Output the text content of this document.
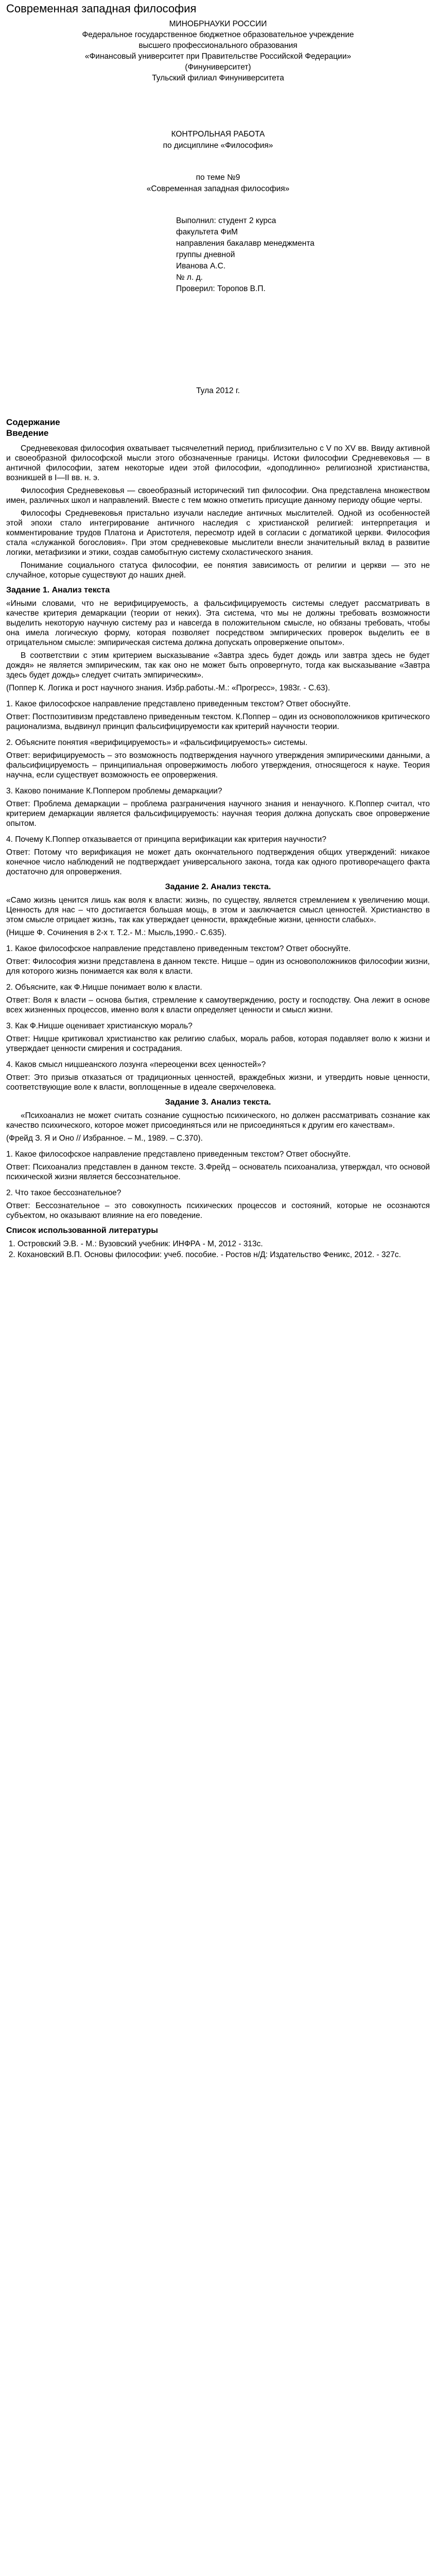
Современная западная философия

МИНОБРНАУКИ РОССИИ

Федеральное государственное бюджетное образовательное учреждение

высшего профессионального образования

«Финансовый университет при Правительстве Российской Федерации»

(Финуниверситет)

Тульский филиал Финуниверситета

КОНТРОЛЬНАЯ РАБОТА

по дисциплине «Философия»

по теме №9

«Современная западная философия»

Выполнил: студент 2 курса

факультета ФиМ

направления бакалавр менеджмента

группы дневной

Иванова А.С.

№ л. д.

Проверил: Торопов В.П.

Тула 2012 г.

Содержание
Введение

Средневековая философия охватывает тысячелетний период, приблизительно с V по XV вв. Ввиду активной и своеобразной философской мысли этого обозначенные границы. Истоки философии Средневековья — в античной философии, затем некоторые идеи этой философии, «доподлинно» религиозной христианства, возникшей в I—II вв. н. э.

Философия Средневековья — своеобразный исторический тип философии. Она представлена множеством имен, различных школ и направлений. Вместе с тем можно отметить присущие данному периоду общие черты.

Философы Средневековья пристально изучали наследие античных мыслителей. Одной из особенностей этой эпохи стало интегрирование античного наследия с христианской религией: интерпретация и комментирование трудов Платона и Аристотеля, пересмотр идей в согласии с догматикой церкви. Философия стала «служанкой богословия». При этом средневековые мыслители внесли значительный вклад в развитие логики, метафизики и этики, создав самобытную систему схоластического знания.

Понимание социального статуса философии, ее понятия зависимость от религии и церкви — это не случайное, которые существуют до наших дней.

Задание 1. Анализ текста

«Иными словами, что не верифицируемость, а фальсифицируемость системы следует рассматривать в качестве критерия демаркации (теории от неких). Эта система, что мы не должны требовать возможности выделить некоторую научную систему раз и навсегда в положительном смысле, но обязаны требовать, чтобы она имела логическую форму, которая позволяет посредством эмпирических проверок выделить ее в отрицательном смысле: эмпирическая система должна допускать опровержение опытом».

В соответствии с этим критерием высказывание «Завтра здесь будет дождь или завтра здесь не будет дождя» не является эмпирическим, так как оно не может быть опровергнуто, тогда как высказывание «Завтра здесь будет дождь» следует считать эмпирическим».

(Поппер К. Логика и рост научного знания. Избр.работы.-М.: «Прогресс», 1983г. - С.63).

1. Какое философское направление представлено приведенным текстом? Ответ обоснуйте.

Ответ: Постпозитивизм представлено приведенным текстом. К.Поппер – один из основоположников критического рационализма, выдвинул принцип фальсифицируемости как критерий научности теории.

2. Объясните понятия «верифицируемость» и «фальсифицируемость» системы.

Ответ: верифицируемость – это возможность подтверждения научного утверждения эмпирическими данными, а фальсифицируемость – принципиальная опровержимость любого утверждения, относящегося к науке. Теория научна, если существует возможность ее опровержения.

3. Каково понимание К.Поппером проблемы демаркации?

Ответ: Проблема демаркации – проблема разграничения научного знания и ненаучного. К.Поппер считал, что критерием демаркации является фальсифицируемость: научная теория должна допускать свое опровержение опытом.

4. Почему К.Поппер отказывается от принципа верификации как критерия научности?

Ответ: Потому что верификация не может дать окончательного подтверждения общих утверждений: никакое конечное число наблюдений не подтверждает универсального закона, тогда как одного противоречащего факта достаточно для опровержения.

Задание 2. Анализ текста.

«Само жизнь ценится лишь как воля к власти: жизнь, по существу, является стремлением к увеличению мощи. Ценность для нас – что достигается большая мощь, в этом и заключается смысл ценностей. Христианство в этом смысле отрицает жизнь, так как утверждает ценности, враждебные жизни, ценности слабых».

(Ницше Ф. Сочинения в 2-х т. Т.2.- М.: Мысль,1990.- С.635).

1. Какое философское направление представлено приведенным текстом? Ответ обоснуйте.

Ответ: Философия жизни представлена в данном тексте. Ницше – один из основоположников философии жизни, для которого жизнь понимается как воля к власти.

2. Объясните, как Ф.Ницше понимает волю к власти.

Ответ: Воля к власти – основа бытия, стремление к самоутверждению, росту и господству. Она лежит в основе всех жизненных процессов, именно воля к власти определяет ценности и смысл жизни.

3. Как Ф.Ницше оценивает христианскую мораль?

Ответ: Ницше критиковал христианство как религию слабых, мораль рабов, которая подавляет волю к жизни и утверждает ценности смирения и сострадания.

4. Каков смысл ницшеанского лозунга «переоценки всех ценностей»?

Ответ: Это призыв отказаться от традиционных ценностей, враждебных жизни, и утвердить новые ценности, соответствующие воле к власти, воплощенные в идеале сверхчеловека.

Задание 3. Анализ текста.

«Психоанализ не может считать сознание сущностью психического, но должен рассматривать сознание как качество психического, которое может присоединяться или не присоединяться к другим его качествам».

(Фрейд З. Я и Оно // Избранное. – М., 1989. – С.370).

1. Какое философское направление представлено приведенным текстом? Ответ обоснуйте.

Ответ: Психоанализ представлен в данном тексте. З.Фрейд – основатель психоанализа, утверждал, что основой психической жизни является бессознательное.

2. Что такое бессознательное?

Ответ: Бессознательное – это совокупность психических процессов и состояний, которые не осознаются субъектом, но оказывают влияние на его поведение.

Список использованной литературы
1. Островский Э.В. - М.: Вузовский учебник: ИНФРА - М, 2012 - 313с.
2. Кохановский В.П. Основы философии: учеб. пособие. - Ростов н/Д: Издательство Феникс, 2012. - 327с.
